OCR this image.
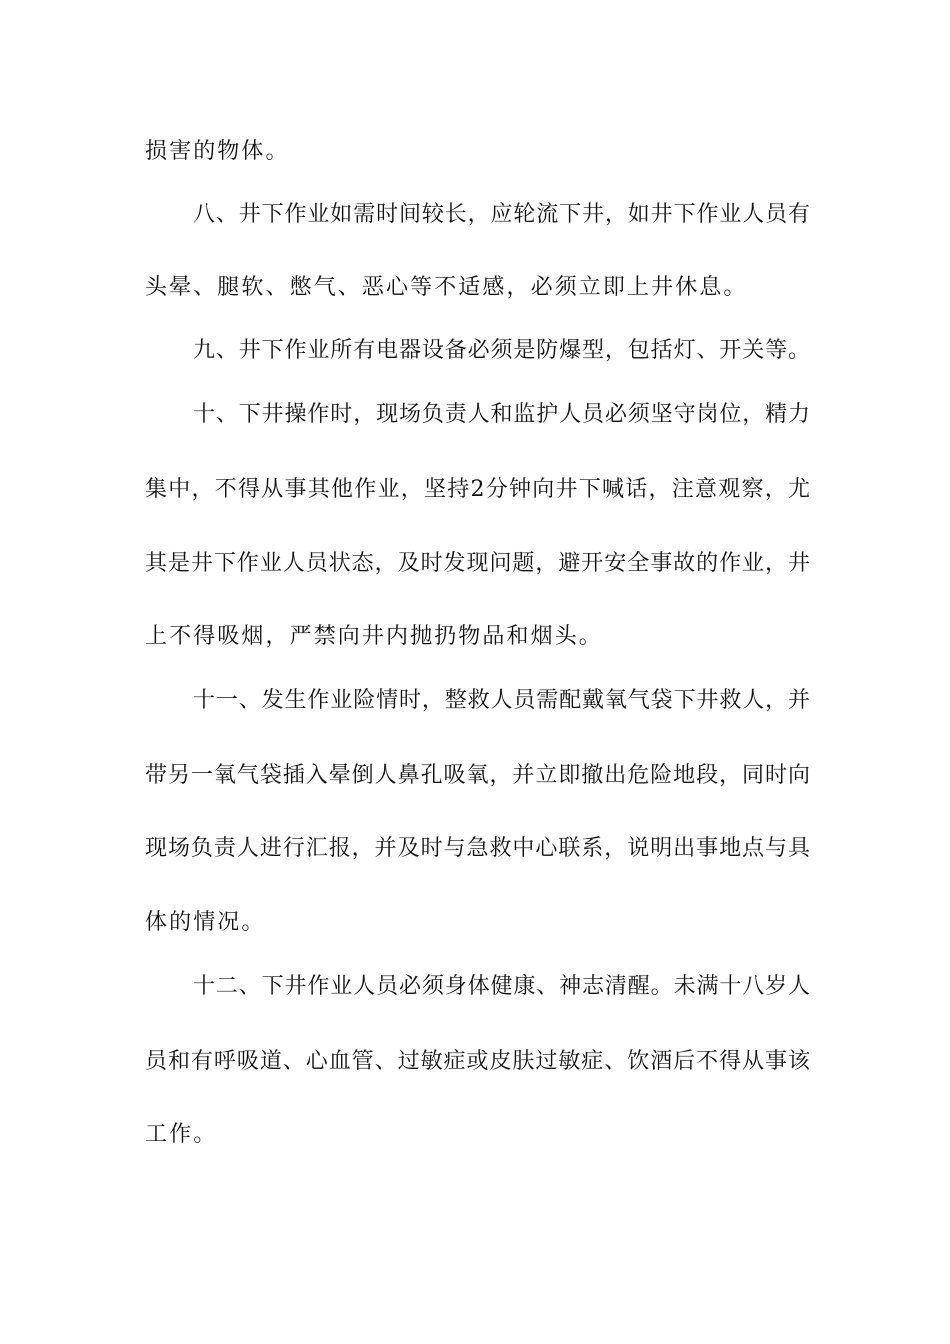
损害的物体。
八、井下作业如需时间较长，应轮流下井，如井下作业人员有
头晕、腿软、憋气、恶心等不适感，必须立即上井休息。
九、井下作业所有电器设备必须是防爆型，包括灯、开关等。
十、下井操作时，现场负责人和监护人员必须坚守岗位，精力
集中，不得从事其他作业，坚持2分钟向井下喊话，注意观察，尤
其是井下作业人员状态，及时发现问题，避开安全事故的作业，井
上不得吸烟，严禁向井内抛扔物品和烟头。
十一、发生作业险情时，整救人员需配戴氧气袋下井救人，并
带另一氧气袋插入晕倒人鼻孔吸氧，并立即撤出危险地段，同时向
现场负责人进行汇报，并及时与急救中心联系，说明出事地点与具
体的情况。
十二、下井作业人员必须身体健康、神志清醒。未满十八岁人
员和有呼吸道、心血管、过敏症或皮肤过敏症、饮酒后不得从事该
工作。
